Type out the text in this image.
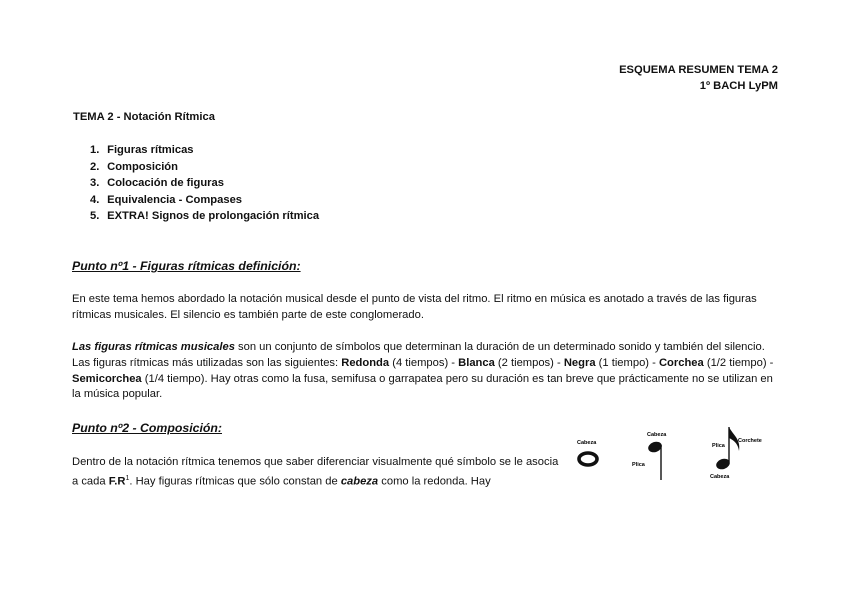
ESQUEMA RESUMEN TEMA 2
1º BACH LyPM
TEMA 2 - Notación Rítmica
1. Figuras rítmicas
2. Composición
3. Colocación de figuras
4. Equivalencia - Compases
5. EXTRA! Signos de prolongación rítmica
Punto nº1 - Figuras rítmicas definición:
En este tema hemos abordado la notación musical desde el punto de vista del ritmo. El ritmo en música es anotado a través de las figuras rítmicas musicales. El silencio es también parte de este conglomerado.
Las figuras rítmicas musicales son un conjunto de símbolos que determinan la duración de un determinado sonido y también del silencio. Las figuras rítmicas más utilizadas son las siguientes: Redonda (4 tiempos) - Blanca (2 tiempos) - Negra (1 tiempo) - Corchea (1/2 tiempo) - Semicorchea (1/4 tiempo). Hay otras como la fusa, semifusa o garrapatea pero su duración es tan breve que prácticamente no se utilizan en la música popular.
Punto nº2 - Composición:
Dentro de la notación rítmica tenemos que saber diferenciar visualmente qué símbolo se le asocia a cada $F.R^1$. Hay figuras rítmicas que sólo constan de cabeza como la redonda. Hay
Cabeza
Cabeza
Plica
Plica
Corchete
Cabeza
